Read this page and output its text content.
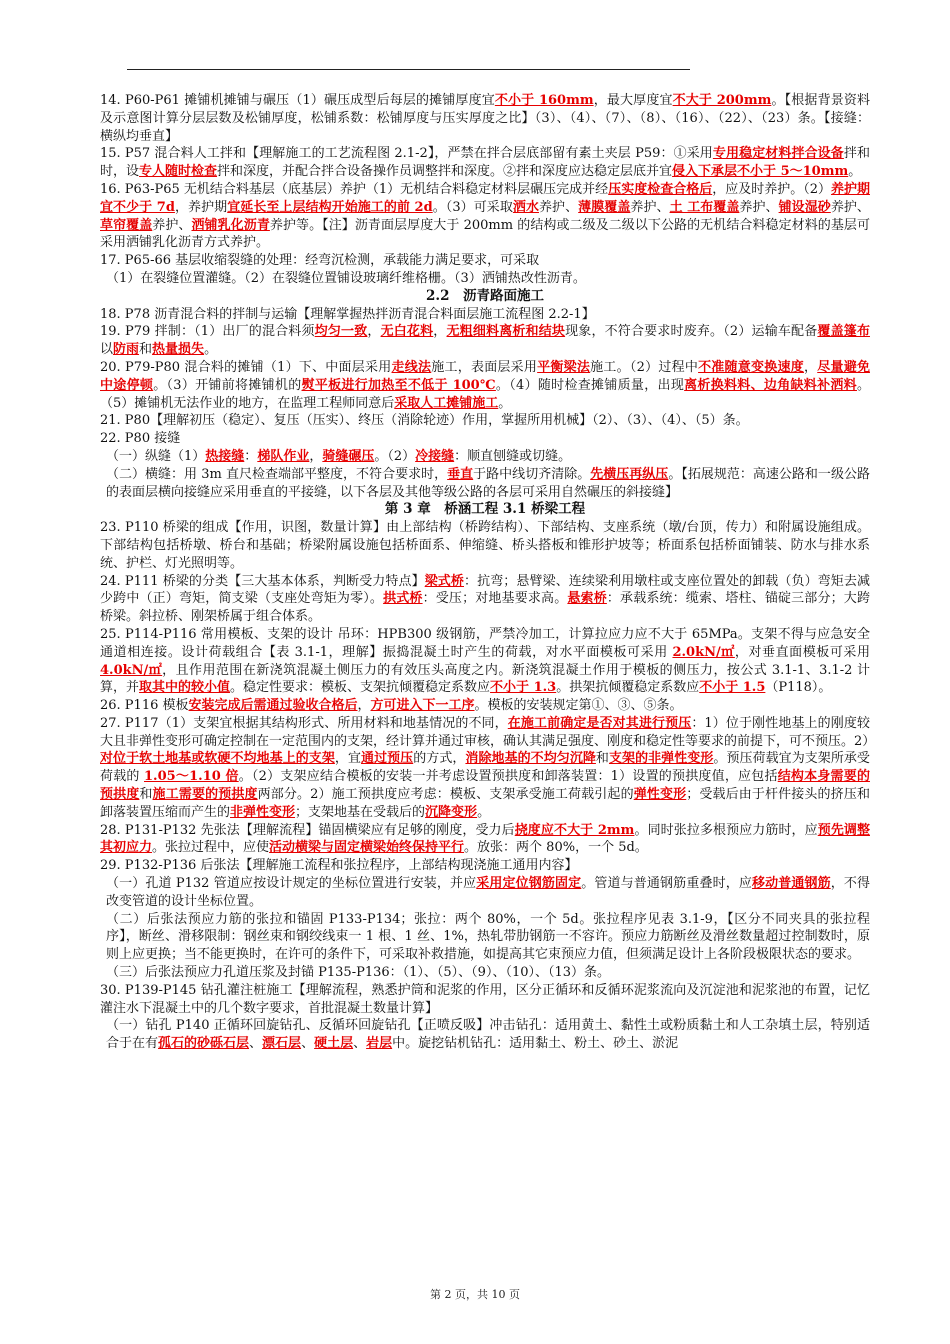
14. P60-P61 摊铺机摊铺与碾压（1）碾压成型后每层的摊铺厚度宜不小于 160mm，最大厚度宜不大于 200mm。【根据背景资料及示意图计算分层层数及松铺厚度，松铺系数：松铺厚度与压实厚度之比】（3）、（4）、（7）、（8）、（16）、（22）、（23）条。【接缝：横纵均垂直】

15. P57 混合料人工拌和【理解施工的工艺流程图 2.1-2】，严禁在拌合层底部留有素土夹层 P59：①采用专用稳定材料拌合设备拌和时，设专人随时检查拌和深度，并配合拌合设备操作员调整拌和深度。②拌和深度应达稳定层底并宜侵入下承层不小于 5～10mm。

16. P63-P65 无机结合料基层（底基层）养护（1）无机结合料稳定材料层碾压完成并经压实度检查合格后，应及时养护。（2）养护期宜不少于 7d，养护期宜延长至上层结构开始施工的前 2d。（3）可采取洒水养护、薄膜覆盖养护、土 工布覆盖养护、铺设湿砂养护、草帘覆盖养护、洒铺乳化沥青养护等。【注】沥青面层厚度大于 200mm 的结构或二级及二级以下公路的无机结合料稳定材料的基层可采用洒铺乳化沥青方式养护。

17. P65-66 基层收缩裂缝的处理：经弯沉检测，承载能力满足要求，可采取

（1）在裂缝位置灌缝。（2）在裂缝位置铺设玻璃纤维格栅。（3）洒铺热改性沥青。

2.2　沥青路面施工

18. P78 沥青混合料的拌制与运输【理解掌握热拌沥青混合料面层施工流程图 2.2-1】

19. P79 拌制：（1）出厂的混合料须均匀一致，无白花料，无粗细料离析和结块现象，不符合要求时废弃。（2）运输车配备覆盖篷布以防雨和热量损失。

20. P79-P80 混合料的摊铺（1）下、中面层采用走线法施工，表面层采用平衡梁法施工。（2）过程中不准随意变换速度，尽量避免中途停顿。（3）开铺前将摊铺机的熨平板进行加热至不低于 100℃。（4）随时检查摊铺质量，出现离析换料料、边角缺料补洒料。（5）摊铺机无法作业的地方，在监理工程师同意后采取人工摊铺施工。

21. P80【理解初压（稳定）、复压（压实）、终压（消除轮迹）作用，掌握所用机械】（2）、（3）、（4）、（5）条。

22. P80 接缝

（一）纵缝（1）热接缝：梯队作业，骑缝碾压。（2）冷接缝：顺直刨缝或切缝。

（二）横缝：用 3m 直尺检查端部平整度，不符合要求时，垂直于路中线切齐清除。先横压再纵压。【拓展规范：高速公路和一级公路的表面层横向接缝应采用垂直的平接缝，以下各层及其他等级公路的各层可采用自然碾压的斜接缝】

第 3 章　桥涵工程 3.1 桥梁工程

23. P110 桥梁的组成【作用，识图，数量计算】由上部结构（桥跨结构）、下部结构、支座系统（墩/台顶，传力）和附属设施组成。下部结构包括桥墩、桥台和基础；桥梁附属设施包括桥面系、伸缩缝、桥头搭板和锥形护坡等；桥面系包括桥面铺装、防水与排水系统、护栏、灯光照明等。

24. P111 桥梁的分类【三大基本体系，判断受力特点】梁式桥：抗弯；悬臂梁、连续梁利用墩柱或支座位置处的卸载（负）弯矩去减少跨中（正）弯矩，简支梁（支座处弯矩为零）。拱式桥：受压；对地基要求高。悬索桥：承载系统：缆索、塔柱、锚碇三部分；大跨桥梁。斜拉桥、刚架桥属于组合体系。

25. P114-P116 常用模板、支架的设计 吊环：HPB300 级钢筋，严禁冷加工，计算拉应力应不大于 65MPa。支架不得与应急安全通道相连接。设计荷载组合【表 3.1-1，理解】振捣混凝土时产生的荷载，对水平面模板可采用 2.0kN/㎡，对垂直面模板可采用 4.0kN/㎡，且作用范围在新浇筑混凝土侧压力的有效压头高度之内。新浇筑混凝土作用于模板的侧压力，按公式 3.1-1、3.1-2 计算，并取其中的较小值。稳定性要求：模板、支架抗倾覆稳定系数应不小于 1.3。拱架抗倾覆稳定系数应不小于 1.5（P118）。

26. P116 模板安装完成后需通过验收合格后，方可进入下一工序。模板的安装规定第①、③、⑤条。

27. P117（1）支架宜根据其结构形式、所用材料和地基情况的不同，在施工前确定是否对其进行预压：1）位于刚性地基上的刚度较大且非弹性变形可确定控制在一定范围内的支架，经计算并通过审核，确认其满足强度、刚度和稳定性等要求的前提下，可不预压。2）对位于软土地基或软硬不均地基上的支架，宜通过预压的方式，消除地基的不均匀沉降和支架的非弹性变形。预压荷载宜为支架所承受荷载的 1.05～1.10 倍。（2）支架应结合模板的安装一并考虑设置预拱度和卸落装置：1）设置的预拱度值，应包括结构本身需要的预拱度和施工需要的预拱度两部分。2）施工预拱度应考虑：模板、支架承受施工荷载引起的弹性变形；受载后由于杆件接头的挤压和卸落装置压缩而产生的非弹性变形；支架地基在受载后的沉降变形。

28. P131-P132 先张法【理解流程】锚固横梁应有足够的刚度，受力后挠度应不大于 2mm。同时张拉多根预应力筋时，应预先调整其初应力。张拉过程中，应使活动横梁与固定横梁始终保持平行。放张：两个 80%，一个 5d。

29. P132-P136 后张法【理解施工流程和张拉程序，上部结构现浇施工通用内容】

（一）孔道 P132 管道应按设计规定的坐标位置进行安装，并应采用定位钢筋固定。管道与普通钢筋重叠时，应移动普通钢筋，不得改变管道的设计坐标位置。

（二）后张法预应力筋的张拉和锚固 P133-P134；张拉：两个 80%，一个 5d。张拉程序见表 3.1-9，【区分不同夹具的张拉程序】，断丝、滑移限制：钢丝束和钢绞线束一 1 根、1 丝、1%，热轧带肋钢筋一不容许。预应力筋断丝及滑丝数量超过控制数时，原则上应更换；当不能更换时，在许可的条件下，可采取补救措施，如提高其它束预应力值，但须满足设计上各阶段极限状态的要求。

（三）后张法预应力孔道压浆及封锚 P135-P136：（1）、（5）、（9）、（10）、（13）条。

30. P139-P145 钻孔灌注桩施工【理解流程，熟悉护筒和泥浆的作用，区分正循环和反循环泥浆流向及沉淀池和泥浆池的布置，记忆灌注水下混凝土中的几个数字要求，首批混凝土数量计算】

（一）钻孔 P140 正循环回旋钻孔、反循环回旋钻孔【正喷反吸】冲击钻孔：适用黄土、黏性土或粉质黏土和人工杂填土层，特别适合于在有孤石的砂砾石层、漂石层、硬土层、岩层中。旋挖钻机钻孔：适用黏土、粉土、砂土、淤泥

第 2 页，共 10 页
